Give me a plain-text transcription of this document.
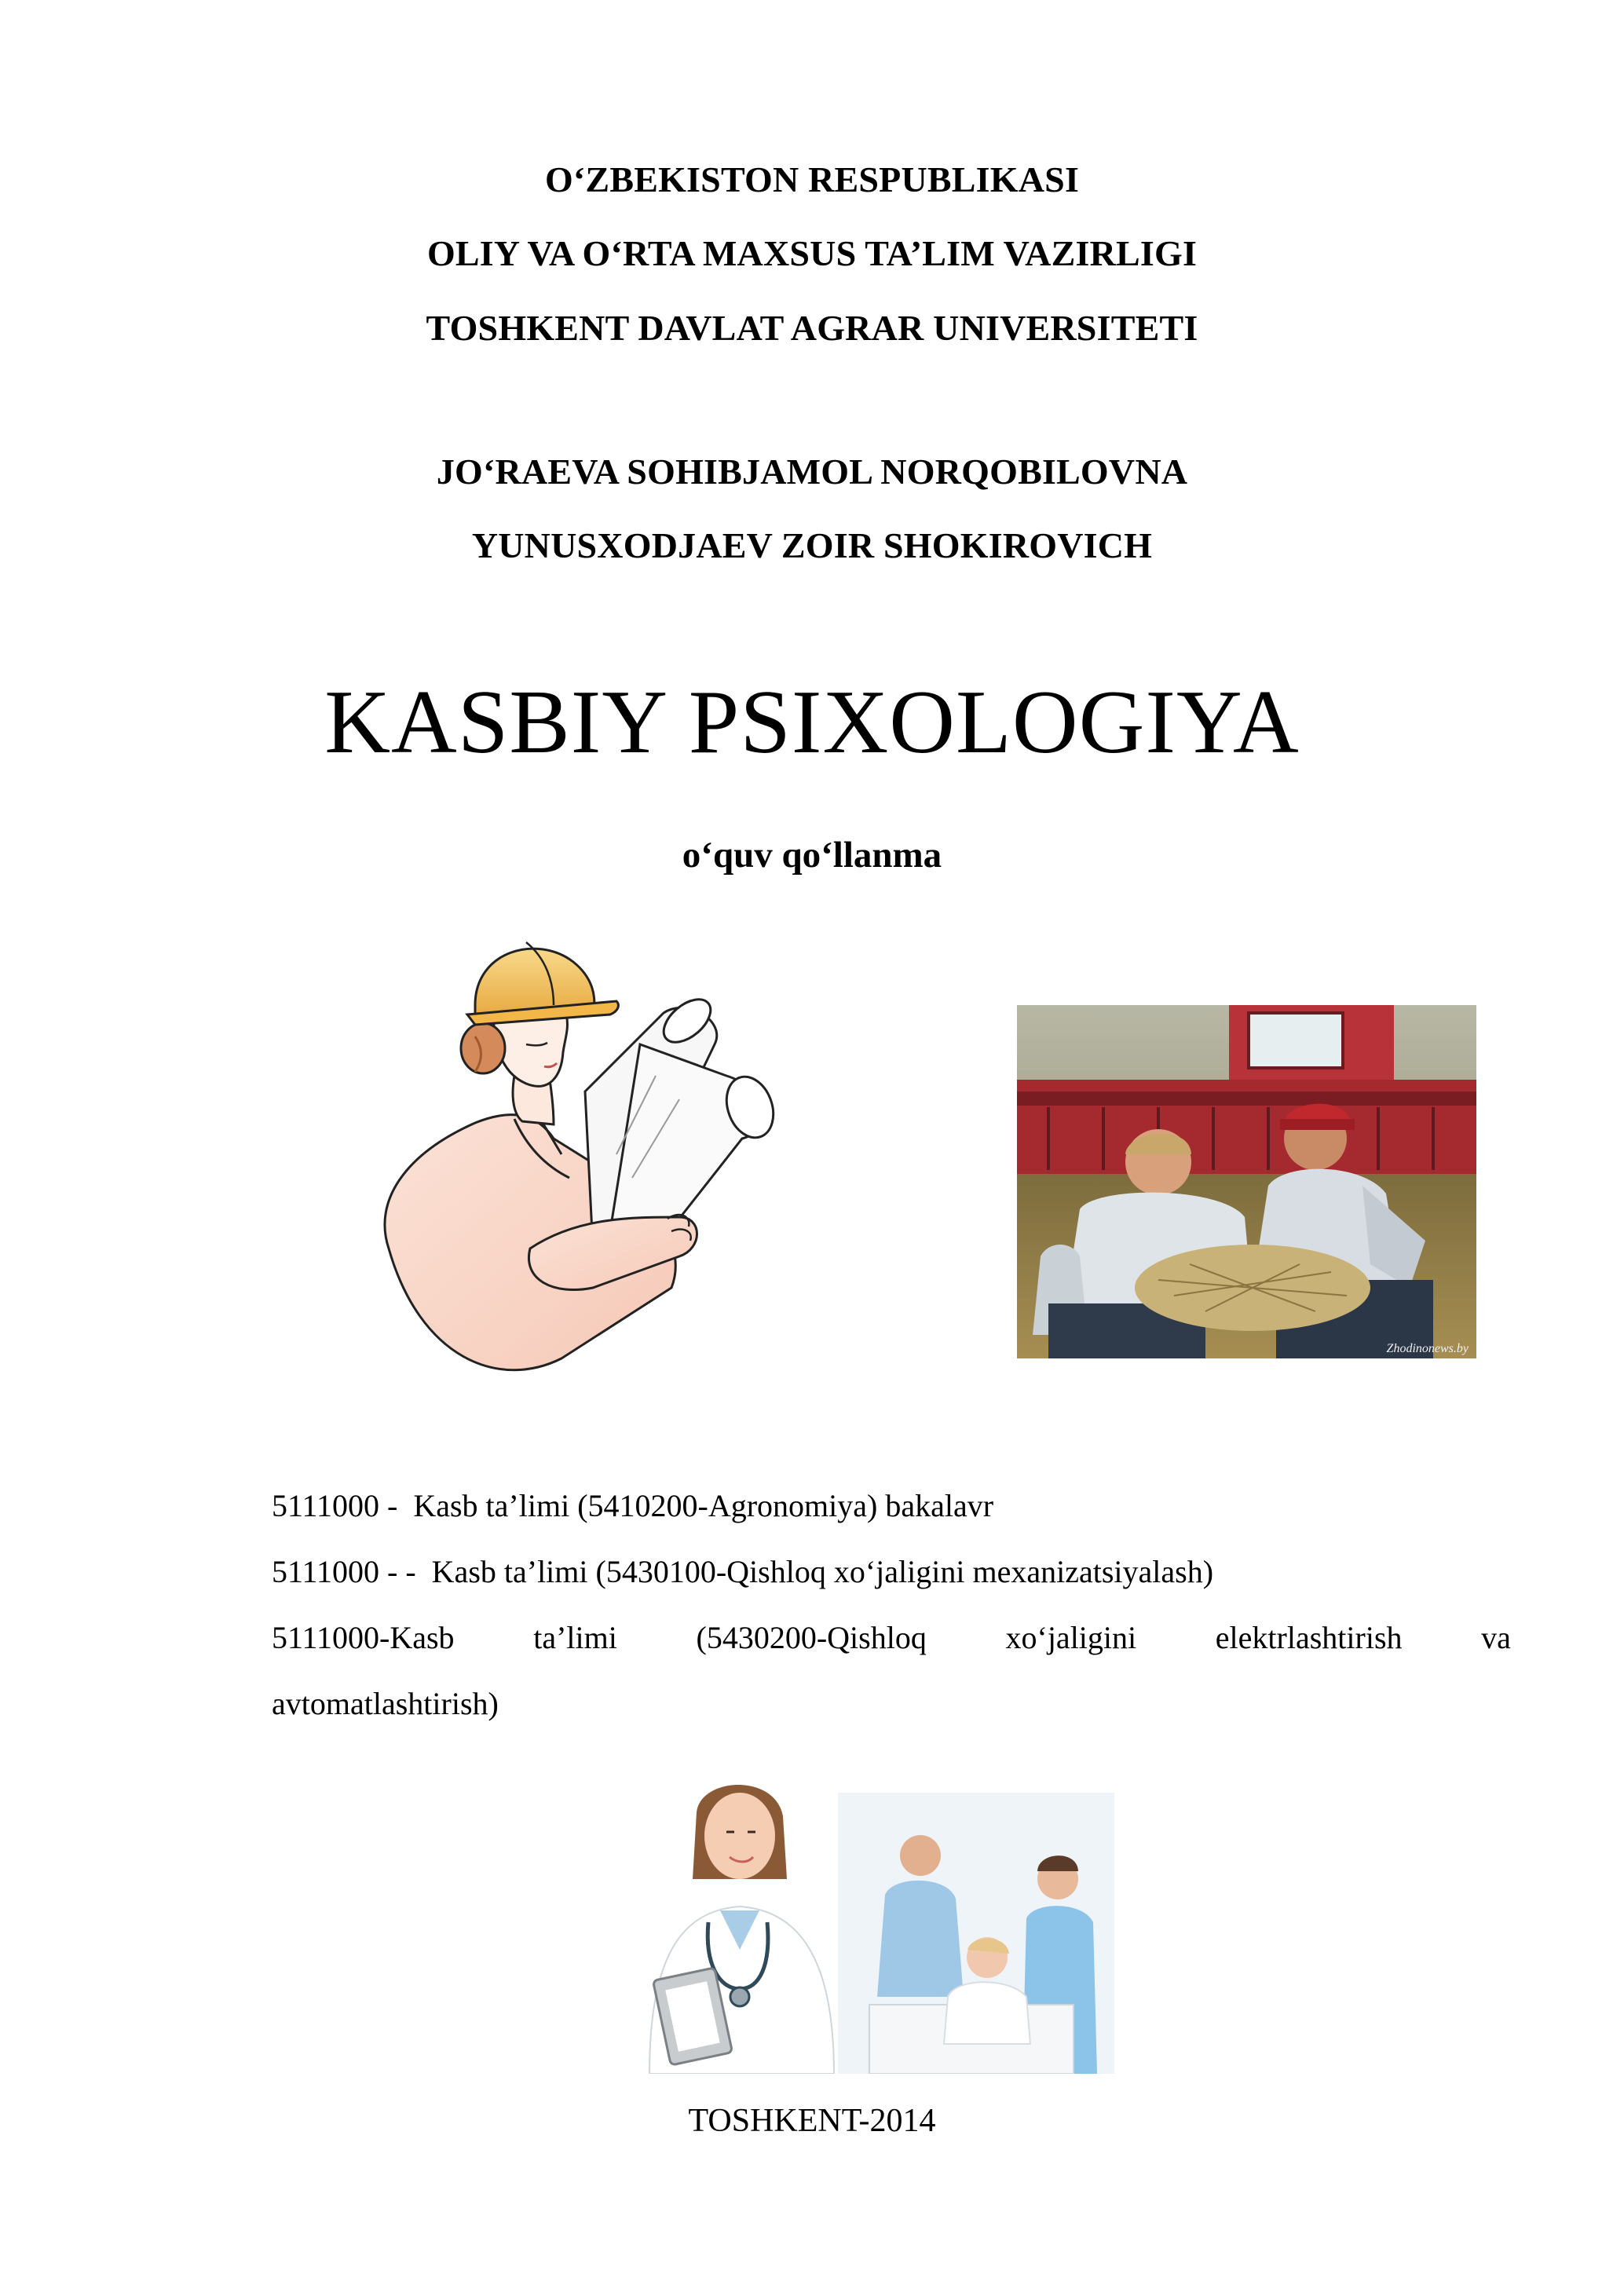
O‘ZBEKISTON RESPUBLIKASI
OLIY VA O‘RTA MAXSUS TA’LIM VAZIRLIGI
TOSHKENT DAVLAT AGRAR UNIVERSITETI
JO‘RAEVA SOHIBJAMOL NORQOBILOVNA
YUNUSXODJAEV ZOIR SHOKIROVICH
KASBIY PSIXOLOGIYA
o‘quv qo‘llanma
Zhodinonews.by
5111000 -  Kasb ta’limi (5410200-Agronomiya) bakalavr
5111000 - -  Kasb ta’limi (5430100-Qishloq xo‘jaligini mexanizatsiyalash)
5111000-Kasb	ta’limi	(5430200-Qishloq	xo‘jaligini	elektrlashtirish	va
avtomatlashtirish)
TOSHKENT-2014
